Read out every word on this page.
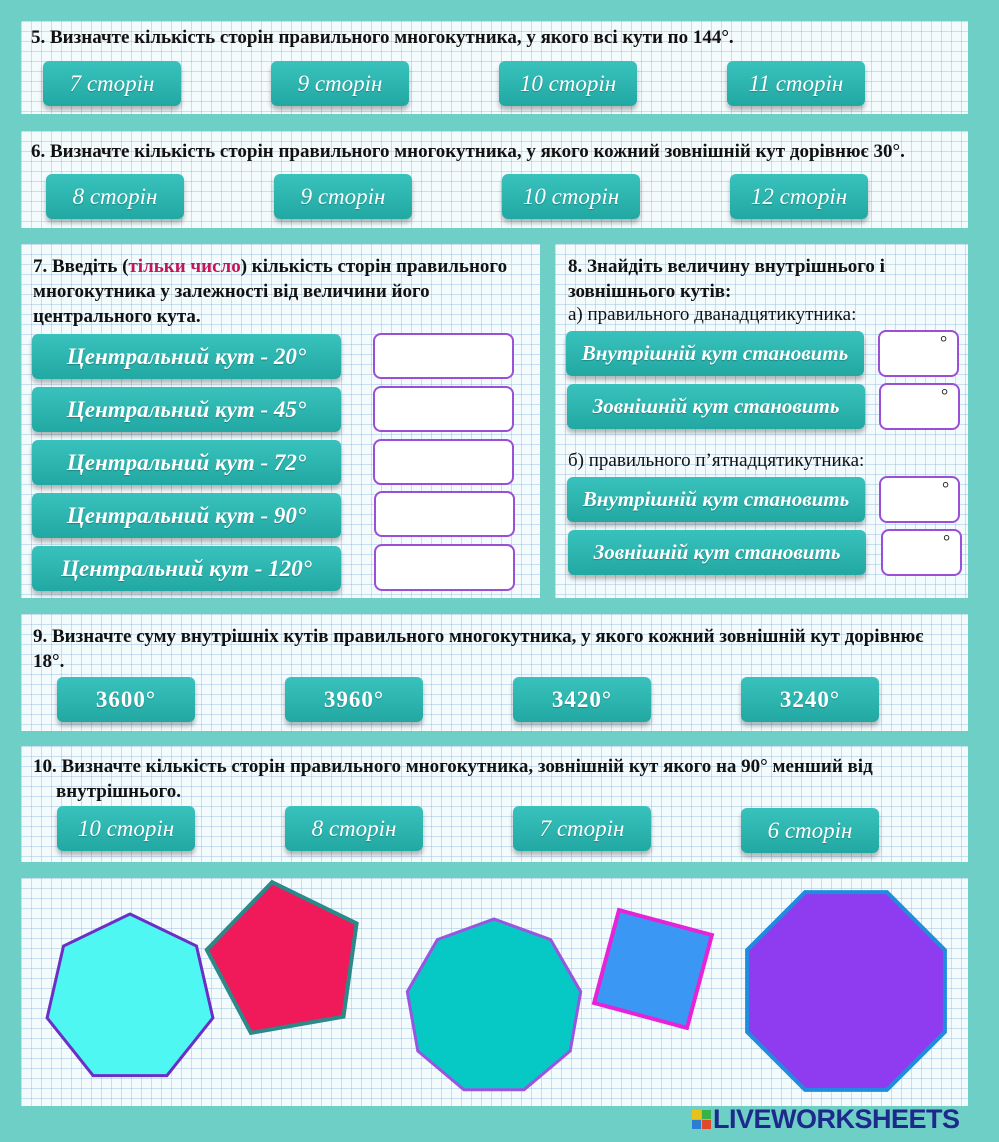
5. Визначте кількість сторін правильного многокутника, у якого всі кути по 144°.

7 сторін	9 сторін	10 сторін	11 сторін

6. Визначте кількість сторін правильного многокутника, у якого кожний зовнішній кут дорівнює 30°.

8 сторін	9 сторін	10 сторін	12 сторін

7. Введіть (тільки число) кількість сторін правильного многокутника у залежності від величини його центрального кута.

Центральний кут - 20°
Центральний кут - 45°
Центральний кут - 72°
Центральний кут - 90°
Центральний кут - 120°

8. Знайдіть величину внутрішнього і зовнішнього кутів:

а) правильного дванадцятикутника:

Внутрішній кут становить	°
Зовнішній кут становить	°

б) правильного п’ятнадцятикутника:

Внутрішній кут становить	°
Зовнішній кут становить	°

9. Визначте суму внутрішніх кутів правильного многокутника, у якого кожний зовнішній кут дорівнює 18°.

3600°	3960°	3420°	3240°

10. Визначте кількість сторін правильного многокутника, зовнішній кут якого на 90° менший від

внутрішнього.

10 сторін	8 сторін	7 сторін	6 сторін
LIVEWORKSHEETS
